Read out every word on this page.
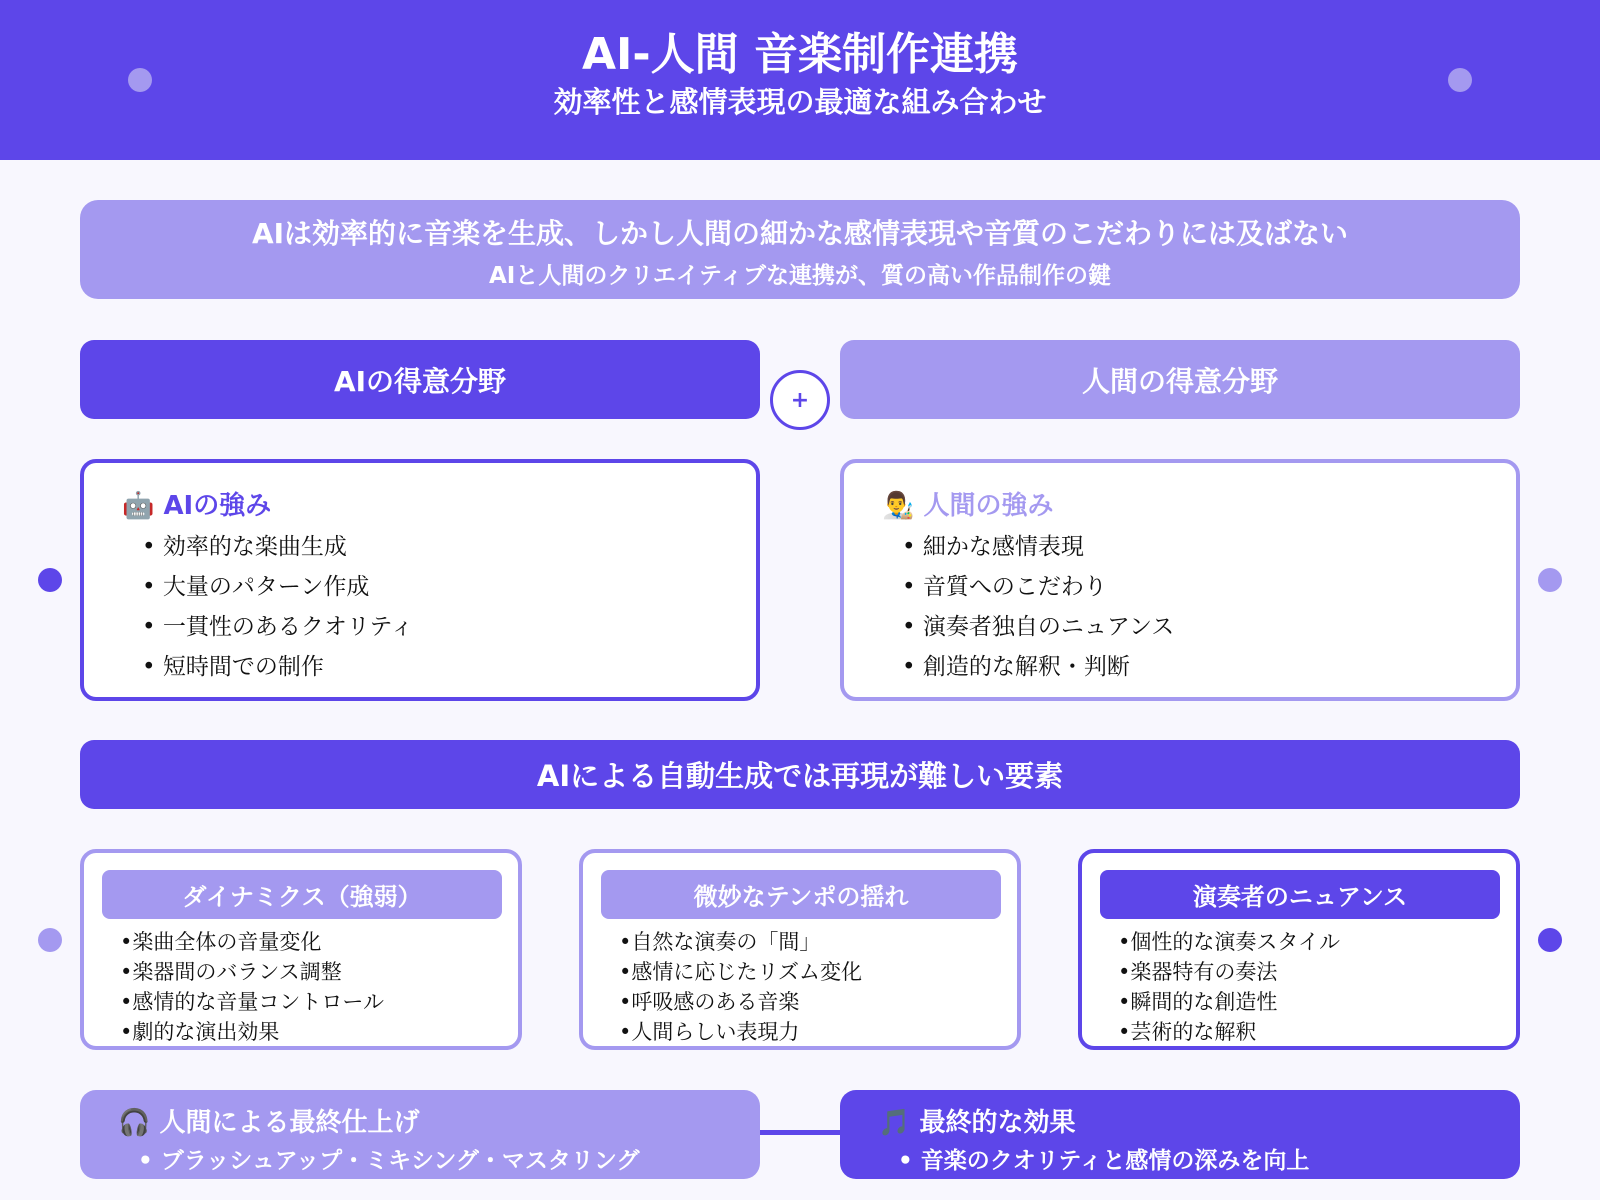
AI-人間 音楽制作連携
効率性と感情表現の最適な組み合わせ
AIは効率的に音楽を生成、しかし人間の細かな感情表現や音質のこだわりには及ばない
AIと人間のクリエイティブな連携が、質の高い作品制作の鍵
AIの得意分野	人間の得意分野
+
🤖 AIの強み
• 効率的な楽曲生成
• 大量のパターン作成
• 一貫性のあるクオリティ
• 短時間での制作
👨‍🎨 人間の強み
• 細かな感情表現
• 音質へのこだわり
• 演奏者独自のニュアンス
• 創造的な解釈・判断
AIによる自動生成では再現が難しい要素
ダイナミクス（強弱）
•楽曲全体の音量変化
•楽器間のバランス調整
•感情的な音量コントロール
•劇的な演出効果
微妙なテンポの揺れ
•自然な演奏の「間」
•感情に応じたリズム変化
•呼吸感のある音楽
•人間らしい表現力
演奏者のニュアンス
•個性的な演奏スタイル
•楽器特有の奏法
•瞬間的な創造性
•芸術的な解釈
🎧 人間による最終仕上げ
• ブラッシュアップ・ミキシング・マスタリング
🎵 最終的な効果
• 音楽のクオリティと感情の深みを向上
